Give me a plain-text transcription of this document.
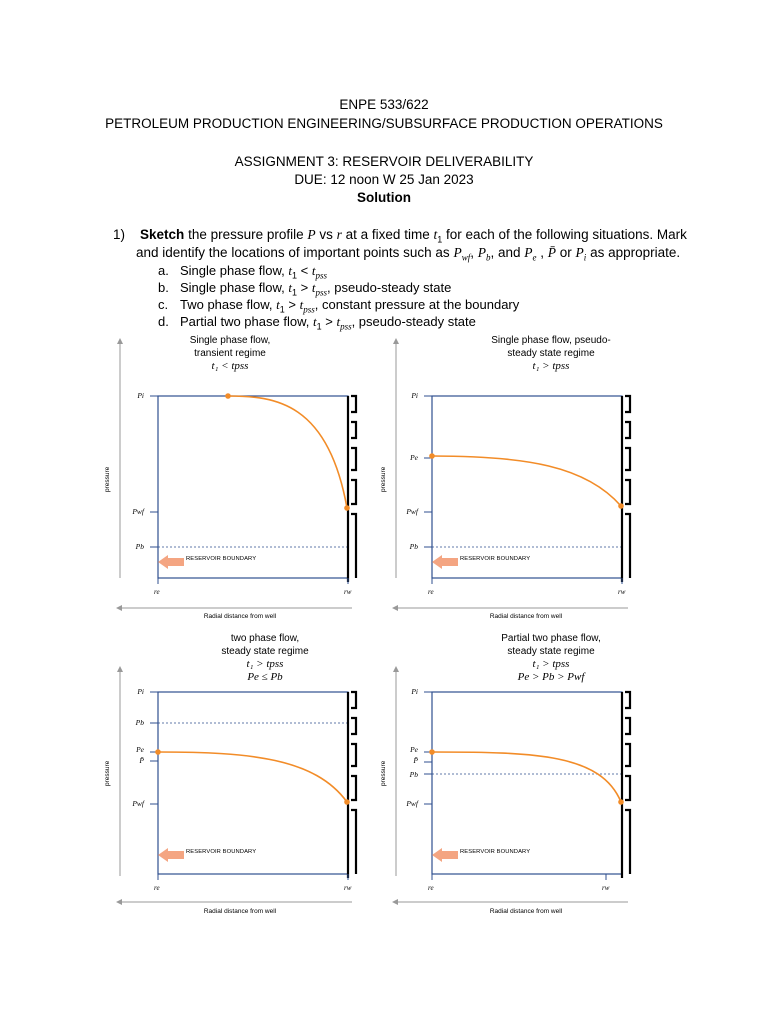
ENPE 533/622
PETROLEUM PRODUCTION ENGINEERING/SUBSURFACE PRODUCTION OPERATIONS
ASSIGNMENT 3: RESERVOIR DELIVERABILITY
DUE: 12 noon W 25 Jan 2023
Solution
1) Sketch the pressure profile P vs r at a fixed time $t_1$ for each of the following situations. Mark
and identify the locations of important points such as $P_{wf}$, $P_b$, and $P_e$ , P̄ or $P_i$ as appropriate.
a. Single phase flow, $t_1 < t_{pss}$
b. Single phase flow, $t_1 > t_{pss}$, pseudo-steady state
c. Two phase flow, $t_1 > t_{pss}$, constant pressure at the boundary
d. Partial two phase flow, $t_1 > t_{pss}$, pseudo-steady state
Single phase flow,
transient regime
t₁ < tpss
Pi
Pwf
Pb
pressure
RESERVOIR BOUNDARY
re	rw
Radial distance from well
Single phase flow, pseudo-
steady state regime
t₁ > tpss
Pi
Pe
Pwf
Pb
pressure
RESERVOIR BOUNDARY
re	rw
Radial distance from well
two phase flow,
steady state regime
t₁ > tpss
Pe ≤ Pb
Pi
Pb
Pe
P̄
Pwf
pressure
RESERVOIR BOUNDARY
re	rw
Radial distance from well
Partial two phase flow,
steady state regime
t₁ > tpss
Pe > Pb > Pwf
Pi
Pe
P̄
Pb
Pwf
pressure
RESERVOIR BOUNDARY
re	rw
Radial distance from well
